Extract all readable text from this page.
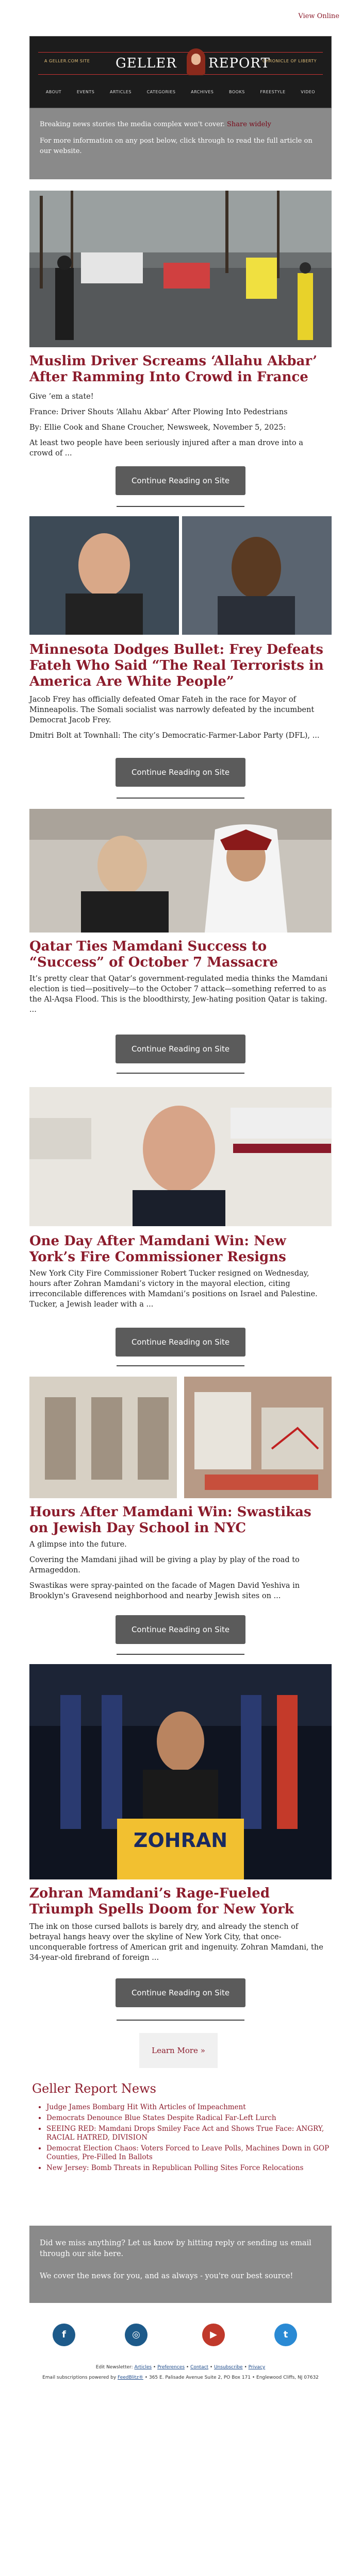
View Online
A GELLER.COM SITE GELLER REPORT
CHRONICLE OF LIBERTY
ABOUT	EVENTS	ARTICLES	CATEGORIES	ARCHIVES	BOOKS	FREESTYLE	VIDEO
Breaking news stories the media complex won't cover. Share widely
For more information on any post below, click through to read the full article on our website.
Muslim Driver Screams ‘Allahu Akbar’ After Ramming Into Crowd in France

Give ’em a state!

France: Driver Shouts ‘Allahu Akbar’ After Plowing Into Pedestrians

By: Ellie Cook and Shane Croucher, Newsweek, November 5, 2025:

At least two people have been seriously injured after a man drove into a crowd of ...

Continue Reading on Site
Minnesota Dodges Bullet: Frey Defeats Fateh Who Said “The Real Terrorists in America Are White People”

Jacob Frey has officially defeated Omar Fateh in the race for Mayor of Minneapolis. The Somali socialist was narrowly defeated by the incumbent Democrat Jacob Frey.

Dmitri Bolt at Townhall: The city’s Democratic-Farmer-Labor Party (DFL), ...

Continue Reading on Site
Qatar Ties Mamdani Success to “Success” of October 7 Massacre

It’s pretty clear that Qatar’s government-regulated media thinks the Mamdani election is tied—positively—to the October 7 attack—something referred to as the Al-Aqsa Flood. This is the bloodthirsty, Jew-hating position Qatar is taking. ...

Continue Reading on Site
One Day After Mamdani Win: New York’s Fire Commissioner Resigns

New York City Fire Commissioner Robert Tucker resigned on Wednesday, hours after Zohran Mamdani’s victory in the mayoral election, citing irreconcilable differences with Mamdani’s positions on Israel and Palestine. Tucker, a Jewish leader with a ...

Continue Reading on Site
Hours After Mamdani Win: Swastikas on Jewish Day School in NYC

A glimpse into the future.

Covering the Mamdani jihad will be giving a play by play of the road to Armageddon.

Swastikas were spray-painted on the facade of Magen David Yeshiva in Brooklyn's Gravesend neighborhood and nearby Jewish sites on ...

Continue Reading on Site
ZOHRAN
Zohran Mamdani’s Rage-Fueled Triumph Spells Doom for New York

The ink on those cursed ballots is barely dry, and already the stench of betrayal hangs heavy over the skyline of New York City, that once-unconquerable fortress of American grit and ingenuity. Zohran Mamdani, the 34-year-old firebrand of foreign ...

Continue Reading on Site
Learn More »
Geller Report News
• Judge James Bombarg Hit With Articles of Impeachment
• Democrats Denounce Blue States Despite Radical Far-Left Lurch
• SEEING RED: Mamdani Drops Smiley Face Act and Shows True Face: ANGRY, RACIAL HATRED, DIVISION
• Democrat Election Chaos: Voters Forced to Leave Polls, Machines Down in GOP Counties, Pre-Filled In Ballots
• New Jersey: Bomb Threats in Republican Polling Sites Force Relocations

Did we miss anything? Let us know by hitting reply or sending us email through our site here.

We cover the news for you, and as always - you're our best source!

f	◎	▶	t
Edit Newsletter: Articles • Preferences • Contact • Unsubscribe • Privacy
Email subscriptions powered by FeedBlitz® • 365 E. Palisade Avenue Suite 2, PO Box 171 • Englewood Cliffs, NJ 07632
